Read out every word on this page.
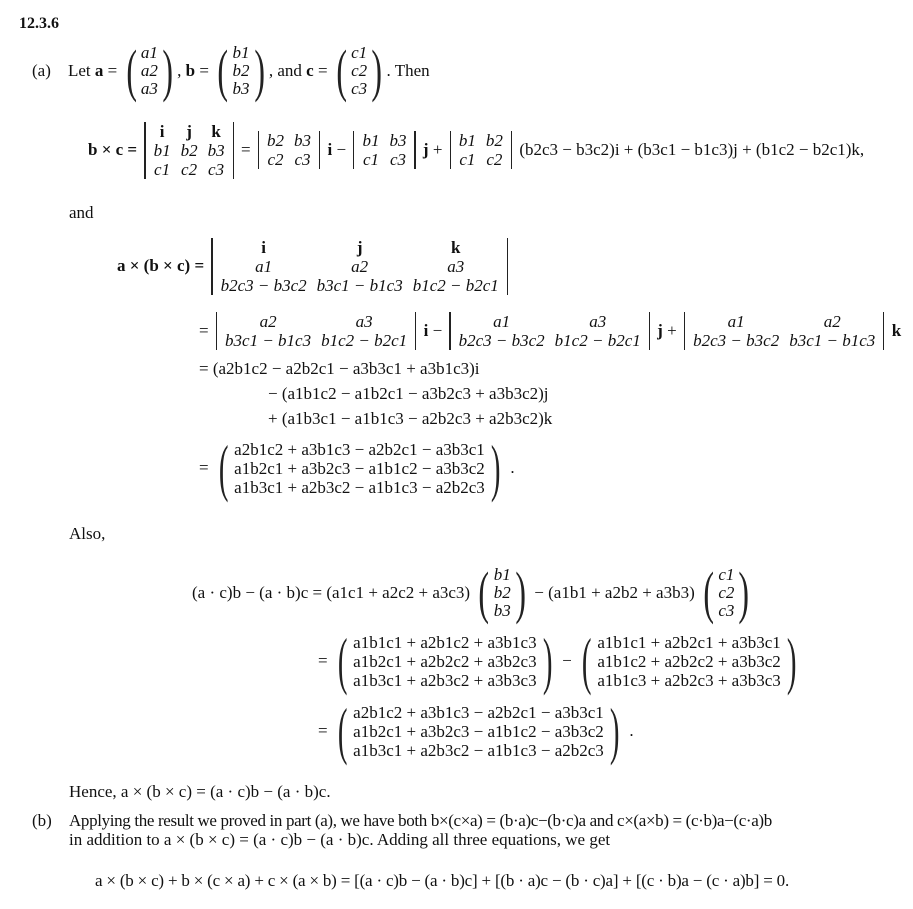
12.3.6
(a) Let
a = ( a1
a2
a3 ) , b = ( b1
b2
b3 ) , and
c = ( c1
c2
c3 ) . Then
b × c =

i	j	k
b1	b2	b3
c1	c2	c3
= b2	b3
c2	c3

i − b1	b3
c1	c3

j + b1	b2
c1	c2

(b2c3 − b3c2)i + (b3c1 − b1c3)j + (b1c2 − b2c1)k,
and
a × (b × c) =

i	j	k
a1	a2	a3
b2c3 − b3c2	b3c1 − b1c3	b1c2 − b2c1
=	a2	a3
b3c1 − b1c3	b1c2 − b2c1

i −	a1	a3
b2c3 − b3c2	b1c2 − b2c1

j +	a1	a2
b2c3 − b3c2	b3c1 − b1c3

k
= (a2b1c2 − a2b2c1 − a3b3c1 + a3b1c3)i
− (a1b1c2 − a1b2c1 − a3b2c3 + a3b3c2)j
+ (a1b3c1 − a1b1c3 − a2b2c3 + a2b3c2)k
= ( a2b1c2 + a3b1c3 − a2b2c1 − a3b3c1
a1b2c1 + a3b2c3 − a1b1c2 − a3b3c2
a1b3c1 + a2b3c2 − a1b1c3 − a2b2c3 ) .
Also,
(a · c)b − (a · b)c =
(a1c1 + a2c2 + a3c3)
( b1
b2
b3 )
−
(a1b1 + a2b2 + a3b3)
( c1
c2
c3 )
= ( a1b1c1 + a2b1c2 + a3b1c3
a1b2c1 + a2b2c2 + a3b2c3
a1b3c1 + a2b3c2 + a3b3c3 ) − ( a1b1c1 + a2b2c1 + a3b3c1
a1b1c2 + a2b2c2 + a3b3c2
a1b1c3 + a2b2c3 + a3b3c3 )
= ( a2b1c2 + a3b1c3 − a2b2c1 − a3b3c1
a1b2c1 + a3b2c3 − a1b1c2 − a3b3c2
a1b3c1 + a2b3c2 − a1b1c3 − a2b2c3 ) .
Hence, a × (b × c) = (a · c)b − (a · b)c.
(b) Applying the result we proved in part (a), we have both b×(c×a) = (b·a)c−(b·c)a and c×(a×b) = (c·b)a−(c·a)b
in addition to a × (b × c) = (a · c)b − (a · b)c. Adding all three equations, we get
a × (b × c) + b × (c × a) + c × (a × b) = [(a · c)b − (a · b)c] + [(b · a)c − (b · c)a] + [(c · b)a − (c · a)b] = 0.
